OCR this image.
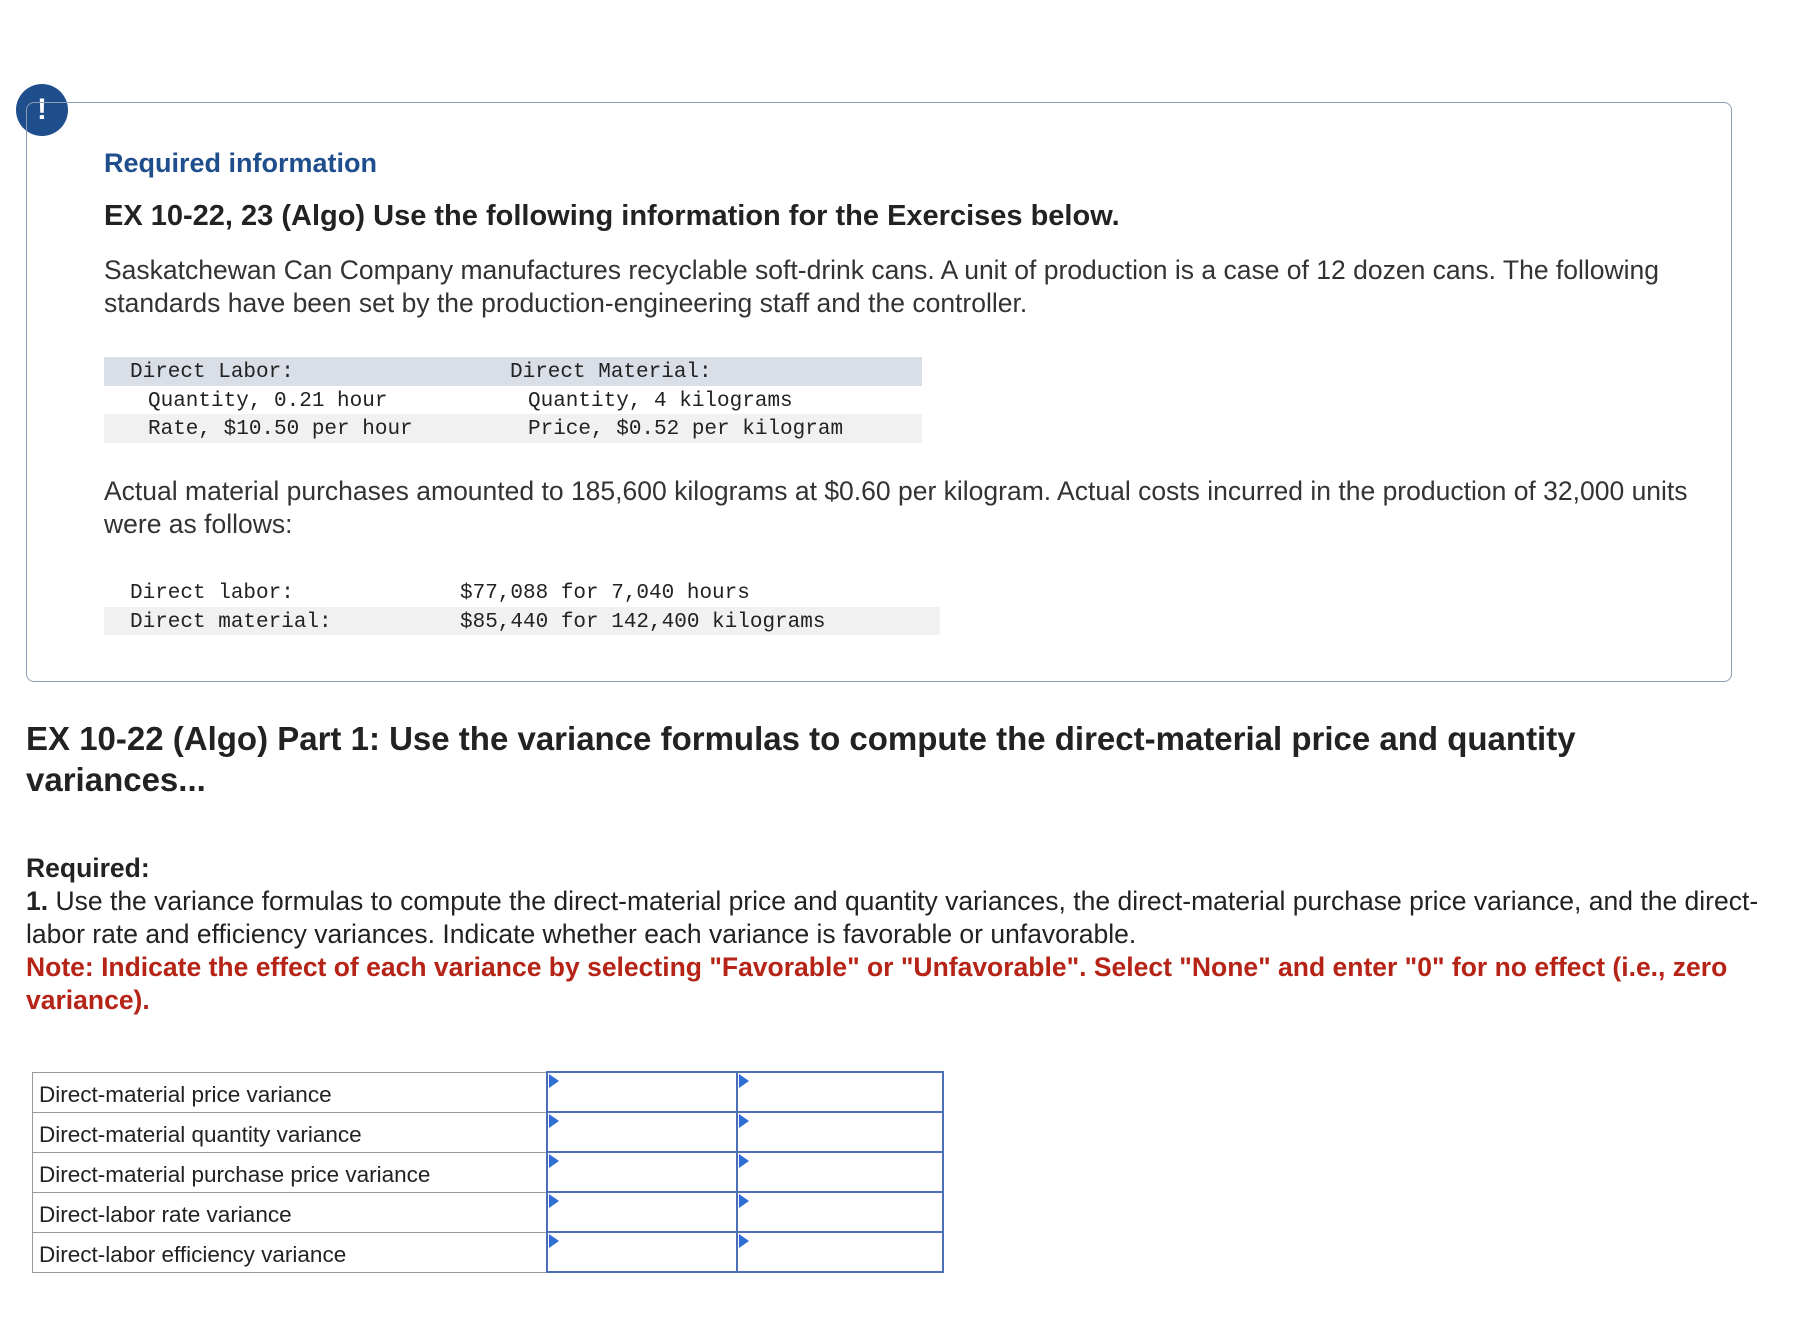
!
Required information
EX 10-22, 23 (Algo) Use the following information for the Exercises below.

Saskatchewan Can Company manufactures recyclable soft-drink cans. A unit of production is a case of 12 dozen cans. The following standards have been set by the production-engineering staff and the controller.

Direct Labor:	Direct Material:
Quantity, 0.21 hour	Quantity, 4 kilograms
Rate, $10.50 per hour	Price, $0.52 per kilogram

Actual material purchases amounted to 185,600 kilograms at $0.60 per kilogram. Actual costs incurred in the production of 32,000 units were as follows:

Direct labor:	$77,088 for 7,040 hours
Direct material:	$85,440 for 142,400 kilograms
EX 10-22 (Algo) Part 1: Use the variance formulas to compute the direct-material price and quantity variances...
Required:
1. Use the variance formulas to compute the direct-material price and quantity variances, the direct-material purchase price variance, and the direct-labor rate and efficiency variances. Indicate whether each variance is favorable or unfavorable.
Note: Indicate the effect of each variance by selecting "Favorable" or "Unfavorable". Select "None" and enter "0" for no effect (i.e., zero variance).
Direct-material price variance	

Direct-material quantity variance	

Direct-material purchase price variance	

Direct-labor rate variance	

Direct-labor efficiency variance	
